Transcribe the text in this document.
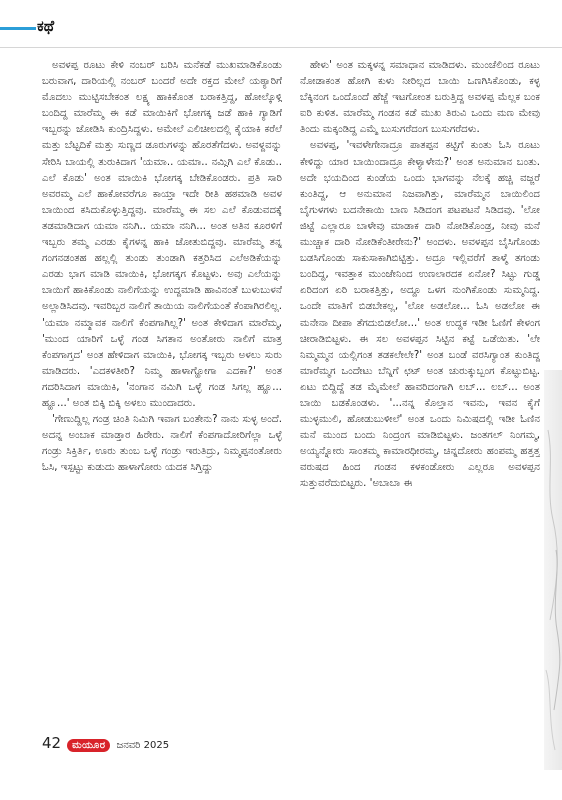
ಕಥೆ

ಅವಳಪ್ಪ ರೂಟು ಕೇಳಿ ನಂಬರ್ ಬರಿಸಿ ಮನೆಕಡೆ ಮುಖಮಾಡಿಕೊಂಡು ಬರುವಾಗ, ದಾರಿಯಲ್ಲಿ ನಂಬರ್ ಬಂದರೆ ಅದೇ ರಕ್ತದ ಮೇಲೆ ಯಠ್ಯಾರಿಗೆ ಮೊದಲು ಮುಟ್ಟಿಸಬೇಕಂತ ಲಕ್ಷ್ಯ ಹಾಕಿಕೊಂತ ಬರಾಕತ್ತಿದ್ದ, ಹೋಲ್ಕೊಳ್ಗಿ ಬಂದಿದ್ದ ಮಾರೆಮ್ಮ ಈ ಕಡೆ ಮಾಯಿಕಿಗೆ ಭೋಗಕ್ಕ ಜಡೆ ಹಾಕಿ ಗ್ಯಾಡಿಗೆ ಇಬ್ಬರನ್ನು ಜೋಡಿಸಿ ಕುಂದ್ರಿಸಿದ್ದಳು. ಅಮೇಲೆ ಎಲಿಚೀಲದಲ್ಲಿ ಕೈಯಾಕಿ ಕರೆಲೆ ಮತ್ತು ಬೆಟ್ಟದಿಕೆ ಮತ್ತು ಸುಣ್ಣದ ಡೂರುಗಳನ್ನು ಹೊರತೆಗೆದಳು. ಅವಳ್ದವನ್ನು ಸೇರಿಸಿ ಬಾಯಲ್ಲಿ ತುರುಕಿದಾಗ 'ಯಮಾ.. ಯಮಾ.. ನಮ್ಗಿಗಿ ಎಲೆ ಕೊಡು.. ಎಲೆ ಕೊಡು' ಅಂತ ಮಾಯಿಕಿ ಭೋಗಕ್ಕ ಬೇಡಿಕೊಂಡರು. ಪ್ರತಿ ಸಾರಿ ಅವರಮ್ಮ ಎಲೆ ಹಾಕೋವರೆಗೂ ಕಾಯ್ತಾ ಇದೇ ರೀತಿ ಹಠಮಾಡಿ ಅವಳ ಬಾಯಿಂದ ಕಸಿದುಕೊಳ್ಳುತ್ತಿದ್ದವು. ಮಾರೆಮ್ಮ ಈ ಸಲ ಎಲೆ ಕೊಡುವದಕ್ಕೆ ತಡಮಾಡಿದಾಗ ಯಮಾ ನನಿಗಿ.. ಯಮಾ ನನಿಗಿ... ಅಂತ ಅತಿನ ಕೂರಳಿಗೆ ಇಬ್ಬರು ತಮ್ಮ ಎರಡು ಕೈಗಳನ್ನ ಹಾಕಿ ಜೋತುಬಿದ್ದವು. ಮಾರೆಮ್ಮ ತನ್ನ ಗಂಗನಡಂತಹ ಹಲ್ಲಲ್ಲಿ ತುಂಡು ತುಂಡಾಗಿ ಕತ್ತರಿಸಿದ ಎಲೆಅಡಿಕೆಯನ್ನು ಎರಡು ಭಾಗ ಮಾಡಿ ಮಾಯಿಕಿ, ಭೋಗಕ್ಕಗ ಕೊಟ್ಟಳು. ಅವು ಎಲೆಯನ್ನು ಬಾಯಿಗೆ ಹಾಕಿಕೊಂಡು ನಾಲಿಗೆಯನ್ನು ಉದ್ದಮಾಡಿ ಹಾವಿನಂತೆ ಬುಳುಬುಳನೆ ಅಲ್ಲಾಡಿಸಿದವು. ಇವರಿಬ್ಬರ ನಾಲಿಗೆ ತಾಯಿಯ ನಾಲಿಗೆಯಂತೆ ಕೆಂಪಾಗಿರಲಿಲ್ಲ. 'ಯಮಾ ನಮ್ಮಾವಕ ನಾಲಿಗೆ ಕೆಂಪಗಾಗಿಲ್ಲ?' ಅಂತ ಕೇಳಿದಾಗ ಮಾರೆಮ್ಮ, 'ಮುಂದ ಯಾರಿಗೆ ಒಳ್ಳೆ ಗಂಡ ಸಿಗತಾನ ಅಂತೋರು ನಾಲಿಗೆ ಮಾತ್ರ ಕೆಂಪಗಾಗ್ತದ' ಅಂತ ಹೇಳಿದಾಗ ಮಾಯಿಕಿ, ಭೋಗಕ್ಕ ಇಬ್ಬರು ಅಳಲು ಸುರು ಮಾಡಿದರು. 'ಎದಕಳತೀರಿ? ನಿಮ್ಮ ಹಾಳಾಗ್ಹೋಗಾ ಎದಕಾ?' ಅಂತ ಗದರಿಸಿದಾಗ ಮಾಯಿಕಿ, 'ನಂಗಾನ ನಮಿಗಿ ಒಳ್ಳೆ ಗಂಡ ಸಿಗಲ್ಲ ಹ್ಹೂ... ಹ್ಹೂ...' ಅಂತ ಬಿಕ್ಕಿ ಬಿಕ್ಕಿ ಅಳಲು ಮುಂದಾದರು.

'ಗೇಣುದ್ದಿಲ್ಲ ಗಂಡ್ರ ಚಿಂತಿ ನಿಮಿಗಿ ಇವಾಗ ಬಂತೇನು? ನಾನು ಸುಳ್ಳ ಅಂದೆ. ಅದನ್ನ ಅಂಬಾಕ ಮಾಡ್ತಾರ ಹಿರೇರು. ನಾಲಿಗೆ ಕೆಂಪಗಾದೋರಿಗೆಲ್ಲಾ ಒಳ್ಳೆ ಗಂಡ್ರು ಸಿಕ್ತಿರ್ತಿ, ಊರು ತುಂಬ ಒಳ್ಳೆ ಗಂಡ್ರು ಇರುತಿದ್ರು, ನಿಮ್ಮಪ್ಪನಂತೋರು ಓಸಿ, ಇಸ್ಪಟ್ಟು ಕುಡುದು ಹಾಳಾಗೋರು ಯದಕ ಸಿಗ್ತಿದ್ದು

ಹೇಳು' ಅಂತ ಮಕ್ಕಳನ್ನ ಸಮಾಧಾನ ಮಾಡಿದಳು. ಮುಂಚೆಲಿಂದ ರೂಟು ನೋಡಾಕಂತ ಹೋಗಿ ಕುಳು ನೀರಿಲ್ಲದ ಬಾಯಿ ಒಣಗಿಸಿಕೊಂಡು, ಕಳ್ಳ ಬೆಕ್ಕಿನಂಗ ಒಂದೊಂದೆ ಹೆಜ್ಜೆ ಇಟಗೋಂತ ಬರುತ್ತಿದ್ದ ಅವಳಪ್ಪ ಮೆಲ್ಲಕ ಬಂಕ ಐರಿ ಕುಳಿತ. ಮಾರೆಮ್ಮ ಗಂಡನ ಕಡೆ ಮುಖ ತಿರುವಿ ಒಂದು ಮಣ ಮೇವು ತಿಂದು ಮಕ್ಕಂಡಿದ್ದ ಎಮ್ಮೆ ಬುಸುಗರೆದಂಗ ಬುಸುಗರೆದಳು.

ಅವಳಪ್ಪ, 'ಇವಳೇಗೇನಾದ್ರೂ ಪಾತಪ್ಪನ ಕಟ್ಟಿಗೆ ಕುಂತು ಓಸಿ ರೂಟು ಕೇಳಿದ್ದು ಯಾರ ಬಾಯಿಂದಾದ್ರೂ ಕೇಳ್ಯಾಳೇನು?' ಅಂತ ಅನುಮಾನ ಬಂತು. ಅದೇ ಭಯದಿಂದ ಕುಂಡೆಯ ಒಂದು ಭಾಗವನ್ನು ನೆಲಕ್ಕೆ ಹಚ್ಚಿ ವಜ್ಜರೆ ಕುಂತಿದ್ದ, ಆ ಅನುಮಾನ ನಿಜವಾಗಿತ್ತು, ಮಾರೆಮ್ಮನ ಬಾಯಿಲಿಂದ ಬೈಗುಳಗಳು ಬದನೇಕಾಯಿ ಬಾಣ ಸಿಡಿದಂಗ ಪಟಪಟನೆ ಸಿಡಿದವು. 'ಲೋ ಜಿಟ್ಟೆ ಎಲ್ಲಾರೂ ಬಾಳೇವು ಮಾಡಾಕ ದಾರಿ ನೋಡಿಕೊಂಡ್ರ, ನೀವು ಮನೆ ಮುಚ್ಚಾಕ ದಾರಿ ನೋಡಿಕೆಂತೀರೇನು?' ಅಂದಳು. ಅವಳಪ್ಪನ ಬೈಸಿಗೊಂಡು ಬಡಸಿಗೊಂಡು ಸಾಕುಸಾಕಾಗಿಬಿಟ್ಟಿತ್ತು. ಅದ್ರೂ ಇಲ್ಲಿವರೆಗೆ ತಾಳ್ಮೆ ತಗಂಡು ಬಂದಿದ್ದ, ಇವತ್ತಾಕ ಮುಂಜೇನಿಂದ ಉಣಲಾರದಕ ಏನೋ? ಸಿಟ್ಟು ಗುಡ್ಡ ಏರಿದಂಗ ಏರಿ ಬರಾಕತ್ತಿತ್ತು, ಅದ್ದೂ ಒಳಗ ನುಂಗಿಕೊಂಡು ಸುಮ್ಮನಿದ್ದ. ಒಂದೇ ಮಾತಿಗೆ ಬಿಡಬೇಕಲ್ಲ, 'ಲೋ ಅಡಲೋ... ಓಸಿ ಅಡಲೋ ಈ ಮನೇನಾ ದೀಪಾ ತೆಗದುಬಿಡಲೋ...' ಅಂತ ಉದ್ದಕ ಇಡೀ ಓಣಿಗೆ ಕೇಳಂಗ ಚೀರಾಡಿಬಿಟ್ಟಳು. ಈ ಸಲ ಅವಳಪ್ಪನ ಸಿಟ್ಟಿನ ಕಟ್ಟೆ ಒಡೆಯಿತು. 'ಲೇ ನಿಮ್ಮಮ್ಮನ ಯಲ್ಲಿಗಂತ ತಡಕಲೇಲೇ?' ಅಂತ ಬಂಡೆ ವರಸಿಗ್ಯಾಂತ ಕುಂತಿದ್ದ ಮಾರೆಮ್ಮಗ ಒಂದೇಟು ಬೆನ್ನಿಗೆ ಛಟ್ ಅಂತ ಚುರುಕ್ಕುಬ್ಬಂಗ ಕೊಟ್ಟುಬಿಟ್ಟ. ಏಟು ಬಿದ್ದಿದ್ದೆ ತಡ ಮೈಮೇಲೆ ಹಾವರಿದಂಗಾಗಿ ಲಬ್... ಲಬ್... ಅಂತ ಬಾಯಿ ಬಡಕೊಂಡಳು. '...ನನ್ನ ಕೊಲ್ತಾನ ಇವನು, ಇವನ ಕೈಗೆ ಮುಳ್ಳಮುಲಿ, ಹೋಡುಬುಳೀಲೆ' ಅಂತ ಒಂದು ನಿಮಿಷದಲ್ಲಿ ಇಡೀ ಓಣಿನ ಮನೆ ಮುಂದ ಬಂದು ನಿಂದ್ರಂಗ ಮಾಡಿಬಿಟ್ಟಳು. ಜಂತಗಲ್ ನಿಂಗಮ್ಮ, ಅಯ್ಯನ್ನೋರು ಸಾಂತಮ್ಮ ಕಾಮಾರಧೀರಮ್ಮ, ಚಿನ್ನದೋರು ಹಂಪಮ್ಮ ಹತ್ತತ್ತ ವರುಷದ ಹಿಂದ ಗಂಡನ ಕಳಕಂಡೋರು ಎಲ್ಲರೂ ಅವಳಪ್ಪನ ಸುತ್ತುವರೆದುಬಿಟ್ಟರು. 'ಅಬಾಬಾ ಈ

42	ಮಯೂರ	ಜನವರಿ 2025
